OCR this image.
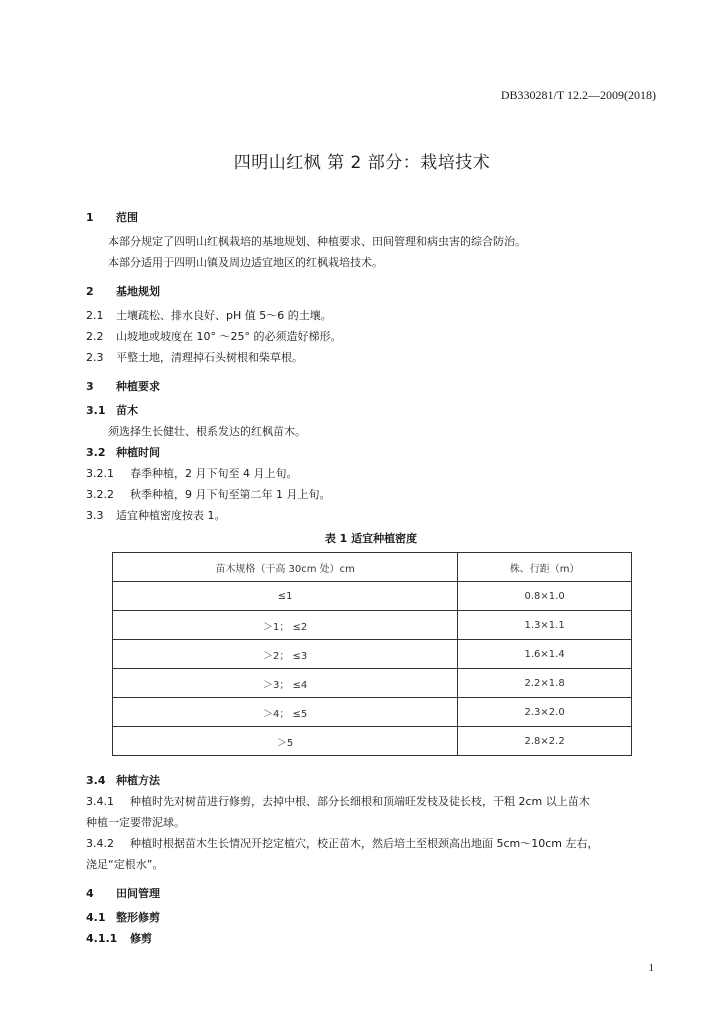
DB330281/T 12.2—2009(2018)
四明山红枫 第 2 部分：栽培技术
1 范围
本部分规定了四明山红枫栽培的基地规划、种植要求、田间管理和病虫害的综合防治。
本部分适用于四明山镇及周边适宜地区的红枫栽培技术。
2 基地规划
2.1 土壤疏松、排水良好、pH 值 5～6 的土壤。
2.2 山坡地或坡度在 10° ～25° 的必须造好梯形。
2.3 平整土地，清理掉石头树根和柴草根。
3 种植要求
3.1 苗木
须选择生长健壮、根系发达的红枫苗木。
3.2 种植时间
3.2.1 春季种植，2 月下旬至 4 月上旬。
3.2.2 秋季种植，9 月下旬至第二年 1 月上旬。
3.3 适宜种植密度按表 1。
表 1 适宜种植密度
苗木规格（干高 30cm 处）cm	株、行距（m）
≤1	0.8×1.0
＞1； ≤2	1.3×1.1
＞2； ≤3	1.6×1.4
＞3； ≤4	2.2×1.8
＞4； ≤5	2.3×2.0
＞5	2.8×2.2
3.4 种植方法
3.4.1 种植时先对树苗进行修剪，去掉中根、部分长细根和顶端旺发枝及徒长枝，干粗 2cm 以上苗木
种植一定要带泥球。
3.4.2 种植时根据苗木生长情况开挖定植穴，校正苗木，然后培土至根颈高出地面 5cm～10cm 左右，
浇足“定根水”。
4 田间管理
4.1 整形修剪
4.1.1 修剪
1
